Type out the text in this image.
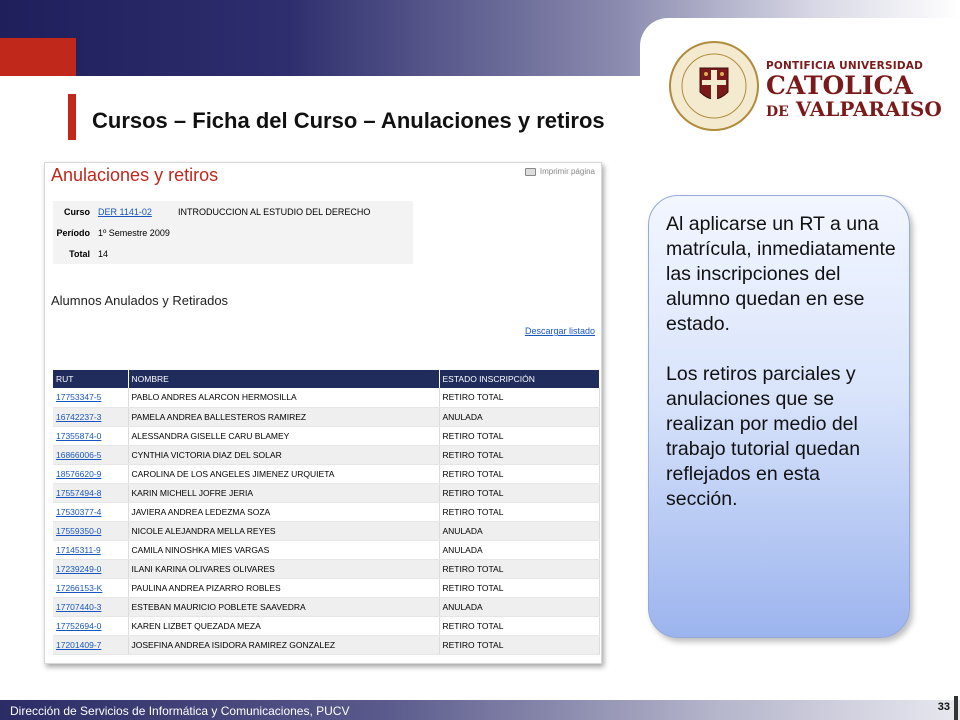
PONTIFICIA UNIVERSIDAD
CATOLICA
DE VALPARAISO
Cursos – Ficha del Curso – Anulaciones y retiros
Anulaciones y retiros	Imprimir página
Curso DER 1141-02	INTRODUCCION AL ESTUDIO DEL DERECHO
Período 1º Semestre 2009
Total 14
Alumnos Anulados y Retirados
Descargar listado
RUT	NOMBRE	ESTADO INSCRIPCIÓN
17753347-5	PABLO ANDRES ALARCON HERMOSILLA	RETIRO TOTAL
16742237-3	PAMELA ANDREA BALLESTEROS RAMIREZ	ANULADA
17355874-0	ALESSANDRA GISELLE CARU BLAMEY	RETIRO TOTAL
16866006-5	CYNTHIA VICTORIA DIAZ DEL SOLAR	RETIRO TOTAL
18576620-9	CAROLINA DE LOS ANGELES JIMENEZ URQUIETA	RETIRO TOTAL
17557494-8	KARIN MICHELL JOFRE JERIA	RETIRO TOTAL
17530377-4	JAVIERA ANDREA LEDEZMA SOZA	RETIRO TOTAL
17559350-0	NICOLE ALEJANDRA MELLA REYES	ANULADA
17145311-9	CAMILA NINOSHKA MIES VARGAS	ANULADA
17239249-0	ILANI KARINA OLIVARES OLIVARES	RETIRO TOTAL
17266153-K	PAULINA ANDREA PIZARRO ROBLES	RETIRO TOTAL
17707440-3	ESTEBAN MAURICIO POBLETE SAAVEDRA	ANULADA
17752694-0	KAREN LIZBET QUEZADA MEZA	RETIRO TOTAL
17201409-7	JOSEFINA ANDREA ISIDORA RAMIREZ GONZALEZ	RETIRO TOTAL

Al aplicarse un RT a una matrícula, inmediatamente las inscripciones del alumno quedan en ese estado.

Los retiros parciales y anulaciones que se realizan por medio del trabajo tutorial quedan reflejados en esta sección.

Dirección de Servicios de Informática y Comunicaciones, PUCV	33
